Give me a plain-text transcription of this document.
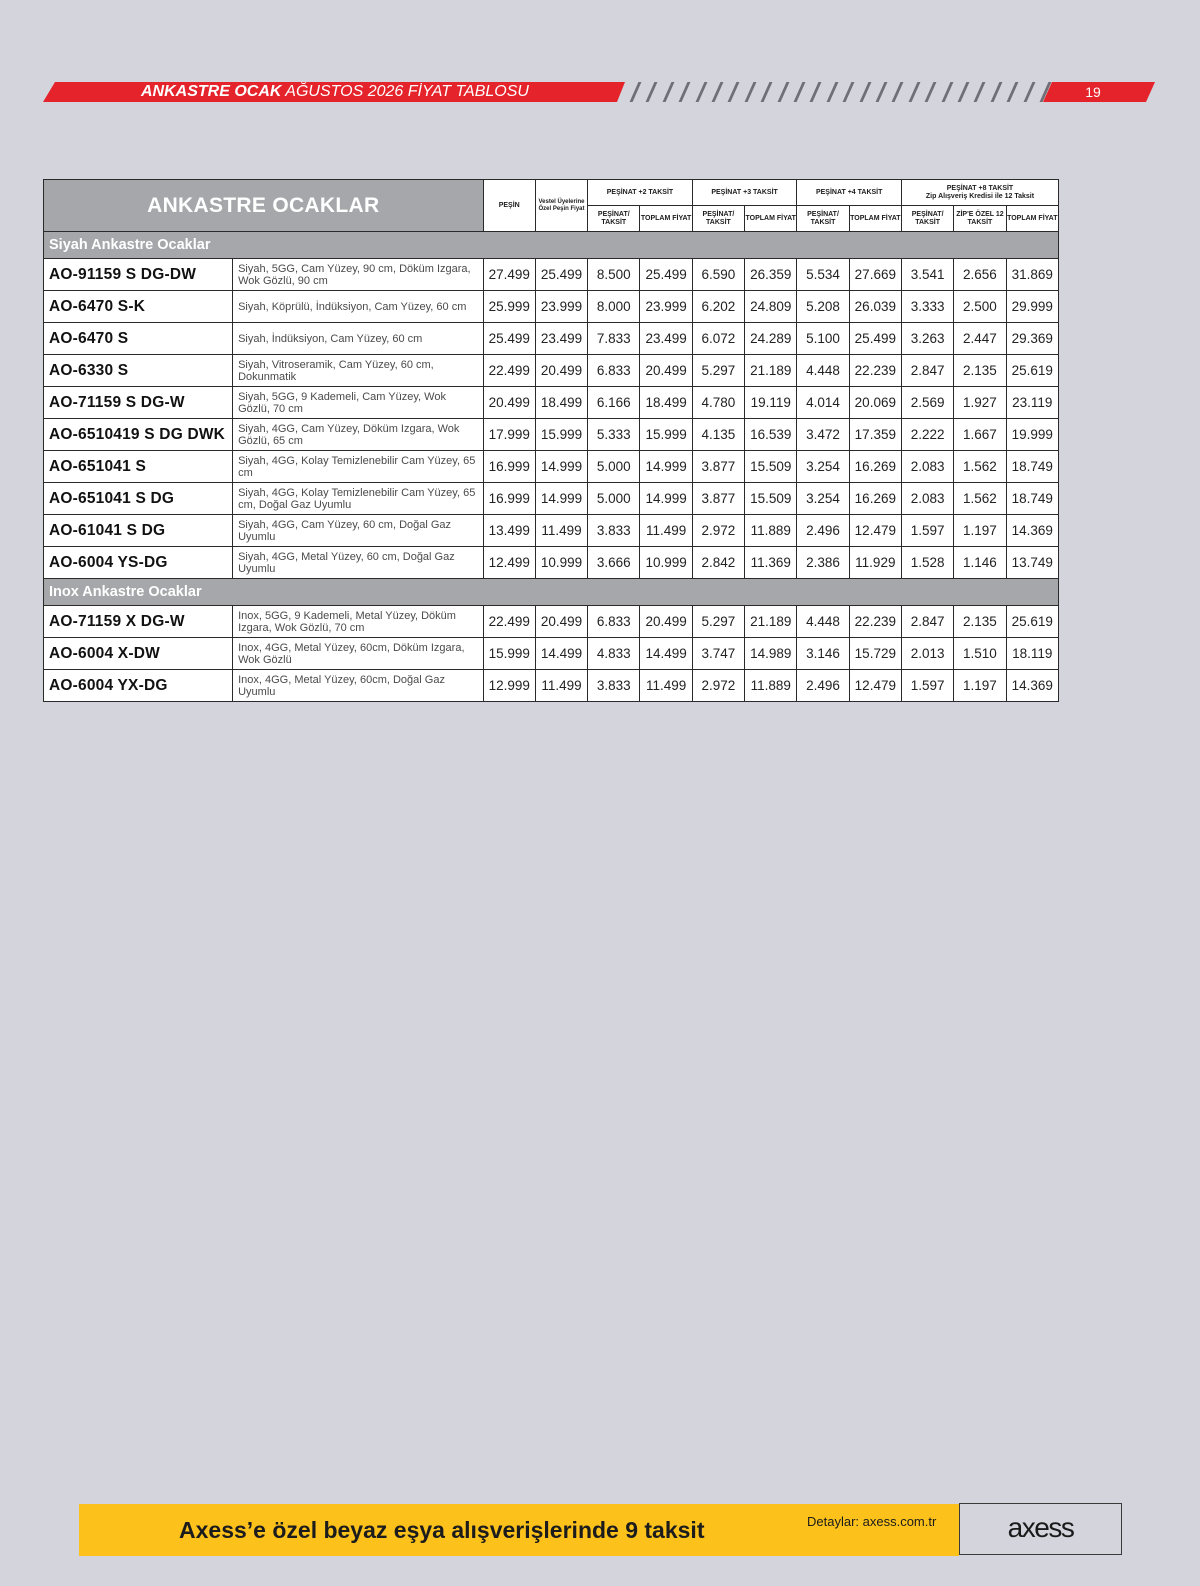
ANKASTRE OCAK AĞUSTOS 2026 FİYAT TABLOSU	19
ANKASTRE OCAKLAR		PEŞİN	Vestel Üyelerine Özel Peşin Fiyat	PEŞİNAT +2 TAKSİT		PEŞİNAT +3 TAKSİT		PEŞİNAT +4 TAKSİT		PEŞİNAT +8 TAKSİT
Zip Alışveriş Kredisi ile 12 Taksit		
				PEŞİNAT/ TAKSİT	TOPLAM FİYAT	PEŞİNAT/ TAKSİT	TOPLAM FİYAT	PEŞİNAT/ TAKSİT	TOPLAM FİYAT	PEŞİNAT/ TAKSİT	ZİP'E ÖZEL 12 TAKSİT	TOPLAM FİYAT
Siyah Ankastre Ocaklar												
AO-91159 S DG-DW	Siyah, 5GG, Cam Yüzey, 90 cm, Döküm Izgara, Wok Gözlü, 90 cm	27.499	25.499	8.500	25.499	6.590	26.359	5.534	27.669	3.541	2.656	31.869
AO-6470 S-K	Siyah, Köprülü, İndüksiyon, Cam Yüzey, 60 cm	25.999	23.999	8.000	23.999	6.202	24.809	5.208	26.039	3.333	2.500	29.999
AO-6470 S	Siyah, İndüksiyon, Cam Yüzey, 60 cm	25.499	23.499	7.833	23.499	6.072	24.289	5.100	25.499	3.263	2.447	29.369
AO-6330 S	Siyah, Vitroseramik, Cam Yüzey, 60 cm, Dokunmatik	22.499	20.499	6.833	20.499	5.297	21.189	4.448	22.239	2.847	2.135	25.619
AO-71159 S DG-W	Siyah, 5GG, 9 Kademeli, Cam Yüzey, Wok Gözlü, 70 cm	20.499	18.499	6.166	18.499	4.780	19.119	4.014	20.069	2.569	1.927	23.119
AO-6510419 S DG DWK	Siyah, 4GG, Cam Yüzey, Döküm Izgara, Wok Gözlü, 65 cm	17.999	15.999	5.333	15.999	4.135	16.539	3.472	17.359	2.222	1.667	19.999
AO-651041 S	Siyah, 4GG, Kolay Temizlenebilir Cam Yüzey, 65 cm	16.999	14.999	5.000	14.999	3.877	15.509	3.254	16.269	2.083	1.562	18.749
AO-651041 S DG	Siyah, 4GG, Kolay Temizlenebilir Cam Yüzey, 65 cm, Doğal Gaz Uyumlu	16.999	14.999	5.000	14.999	3.877	15.509	3.254	16.269	2.083	1.562	18.749
AO-61041 S DG	Siyah, 4GG, Cam Yüzey, 60 cm, Doğal Gaz Uyumlu	13.499	11.499	3.833	11.499	2.972	11.889	2.496	12.479	1.597	1.197	14.369
AO-6004 YS-DG	Siyah, 4GG, Metal Yüzey, 60 cm, Doğal Gaz Uyumlu	12.499	10.999	3.666	10.999	2.842	11.369	2.386	11.929	1.528	1.146	13.749
Inox Ankastre Ocaklar												
AO-71159 X DG-W	Inox, 5GG, 9 Kademeli, Metal Yüzey, Döküm Izgara, Wok Gözlü, 70 cm	22.499	20.499	6.833	20.499	5.297	21.189	4.448	22.239	2.847	2.135	25.619
AO-6004 X-DW	Inox, 4GG, Metal Yüzey, 60cm, Döküm Izgara, Wok Gözlü	15.999	14.499	4.833	14.499	3.747	14.989	3.146	15.729	2.013	1.510	18.119
AO-6004 YX-DG	Inox, 4GG, Metal Yüzey, 60cm, Doğal Gaz Uyumlu	12.999	11.499	3.833	11.499	2.972	11.889	2.496	12.479	1.597	1.197	14.369
Axess’e özel beyaz eşya alışverişlerinde 9 taksit	Detaylar: axess.com.tr	axess
